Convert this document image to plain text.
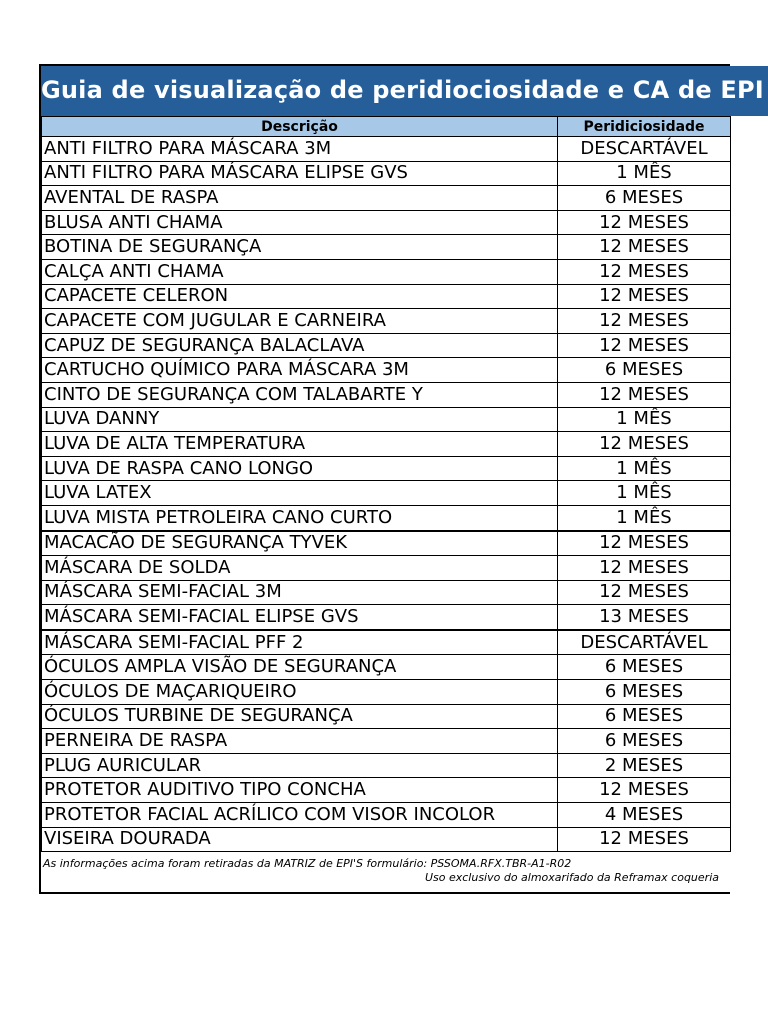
Guia de visualização de peridiociosidade e CA de EPI
Descrição	Peridiciosidade
ANTI FILTRO PARA MÁSCARA 3M	DESCARTÁVEL
ANTI FILTRO PARA MÁSCARA ELIPSE GVS	1 MÊS
AVENTAL DE RASPA	6 MESES
BLUSA ANTI CHAMA	12 MESES
BOTINA DE SEGURANÇA	12 MESES
CALÇA ANTI CHAMA	12 MESES
CAPACETE CELERON	12 MESES
CAPACETE COM JUGULAR E CARNEIRA	12 MESES
CAPUZ DE SEGURANÇA BALACLAVA	12 MESES
CARTUCHO QUÍMICO PARA MÁSCARA 3M	6 MESES
CINTO DE SEGURANÇA COM TALABARTE Y	12 MESES
LUVA DANNY	1 MÊS
LUVA DE ALTA TEMPERATURA	12 MESES
LUVA DE RASPA CANO LONGO	1 MÊS
LUVA LATEX	1 MÊS
LUVA MISTA PETROLEIRA CANO CURTO	1 MÊS
MACACÃO DE SEGURANÇA TYVEK	12 MESES
MÁSCARA DE SOLDA	12 MESES
MÁSCARA SEMI-FACIAL 3M	12 MESES
MÁSCARA SEMI-FACIAL ELIPSE GVS	13 MESES
MÁSCARA SEMI-FACIAL PFF 2	DESCARTÁVEL
ÓCULOS AMPLA VISÃO DE SEGURANÇA	6 MESES
ÓCULOS DE MAÇARIQUEIRO	6 MESES
ÓCULOS TURBINE DE SEGURANÇA	6 MESES
PERNEIRA DE RASPA	6 MESES
PLUG AURICULAR	2 MESES
PROTETOR AUDITIVO TIPO CONCHA	12 MESES
PROTETOR FACIAL ACRÍLICO COM VISOR INCOLOR	4 MESES
VISEIRA DOURADA	12 MESES
As informações acima foram retiradas da MATRIZ de EPI'S formulário: PSSOMA.RFX.TBR-A1-R02
Uso exclusivo do almoxarifado da Reframax coqueria
